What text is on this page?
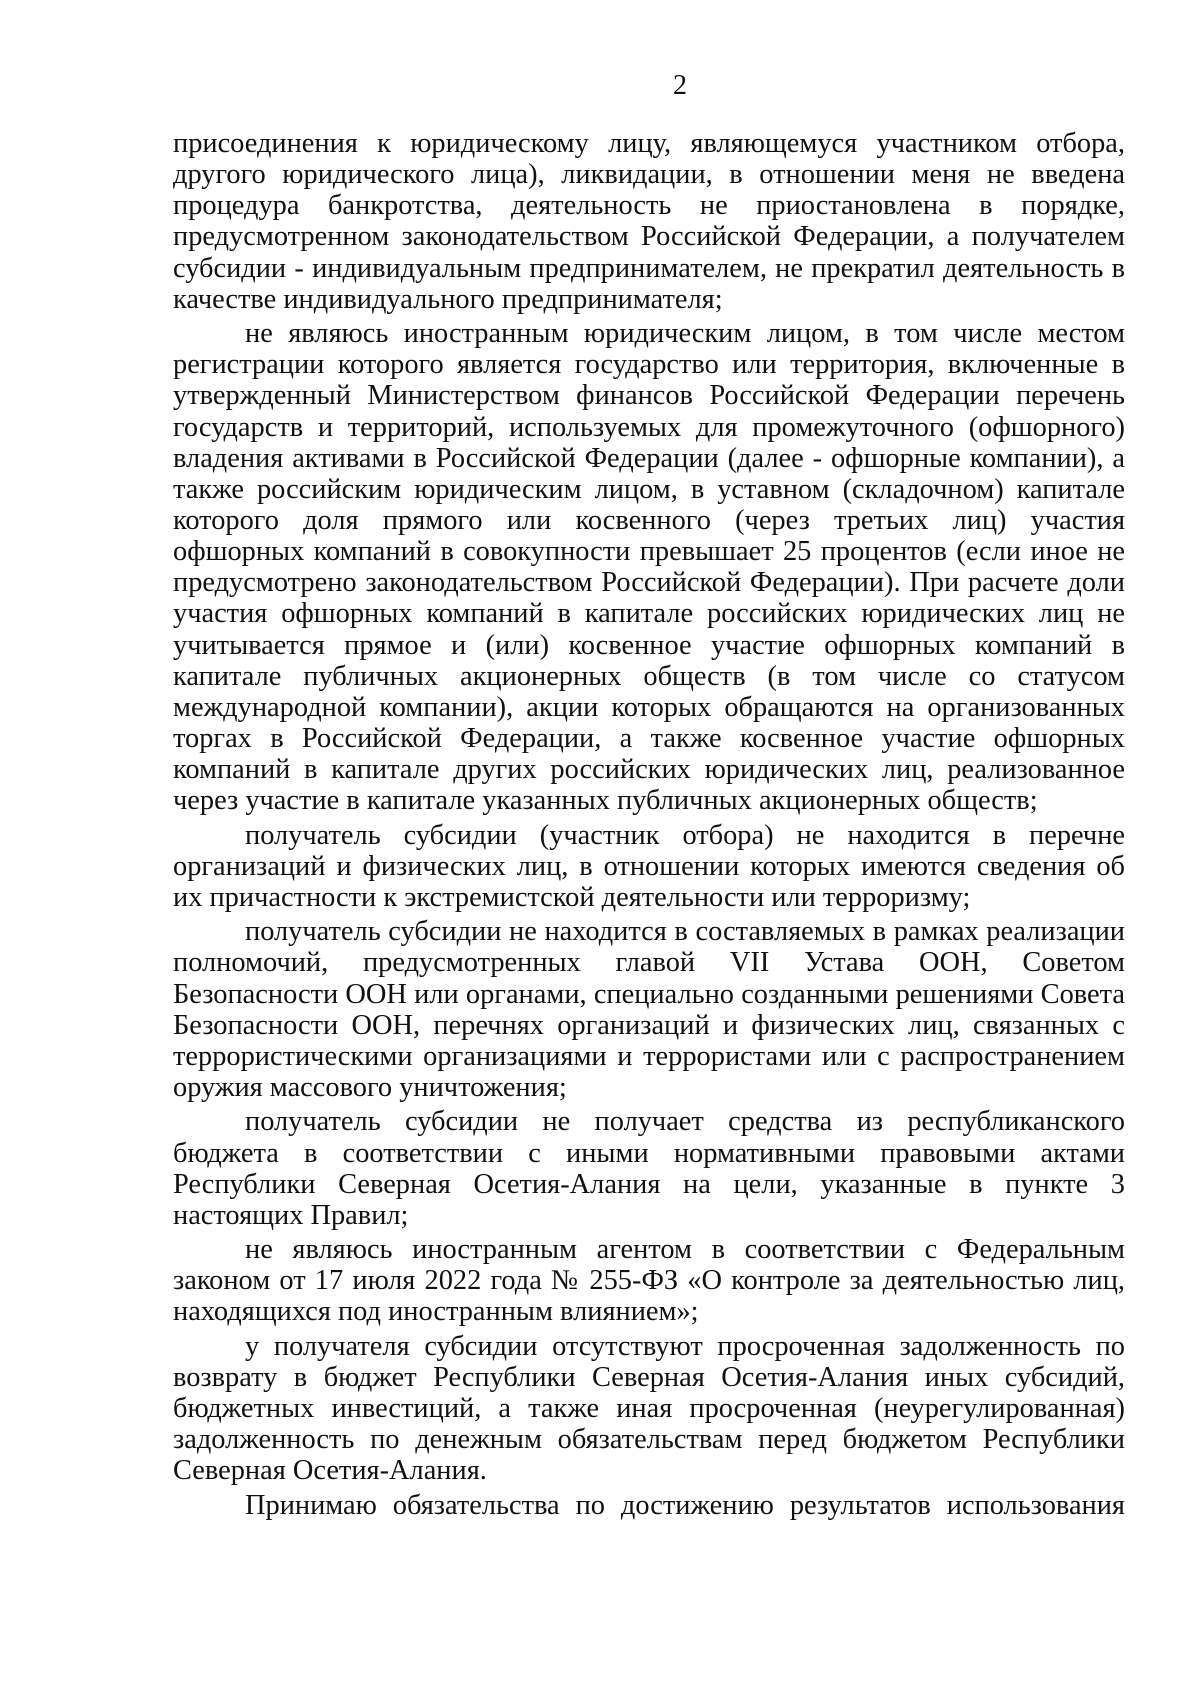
2

присоединения к юридическому лицу, являющемуся участником отбора, другого юридического лица), ликвидации, в отношении меня не введена процедура банкротства, деятельность не приостановлена в порядке, предусмотренном законодательством Российской Федерации, а получателем субсидии - индивидуальным предпринимателем, не прекратил деятельность в качестве индивидуального предпринимателя;

не являюсь иностранным юридическим лицом, в том числе местом регистрации которого является государство или территория, включенные в утвержденный Министерством финансов Российской Федерации перечень государств и территорий, используемых для промежуточного (офшорного) владения активами в Российской Федерации (далее - офшорные компании), а также российским юридическим лицом, в уставном (складочном) капитале которого доля прямого или косвенного (через третьих лиц) участия офшорных компаний в совокупности превышает 25 процентов (если иное не предусмотрено законодательством Российской Федерации). При расчете доли участия офшорных компаний в капитале российских юридических лиц не учитывается прямое и (или) косвенное участие офшорных компаний в капитале публичных акционерных обществ (в том числе со статусом международной компании), акции которых обращаются на организованных торгах в Российской Федерации, а также косвенное участие офшорных компаний в капитале других российских юридических лиц, реализованное через участие в капитале указанных публичных акционерных обществ;

получатель субсидии (участник отбора) не находится в перечне организаций и физических лиц, в отношении которых имеются сведения об их причастности к экстремистской деятельности или терроризму;

получатель субсидии не находится в составляемых в рамках реализации полномочий, предусмотренных главой VII Устава ООН, Советом Безопасности ООН или органами, специально созданными решениями Совета Безопасности ООН, перечнях организаций и физических лиц, связанных с террористическими организациями и террористами или с распространением оружия массового уничтожения;

получатель субсидии не получает средства из республиканского бюджета в соответствии с иными нормативными правовыми актами Республики Северная Осетия-Алания на цели, указанные в пункте 3 настоящих Правил;

не являюсь иностранным агентом в соответствии с Федеральным законом от 17 июля 2022 года № 255-ФЗ «О контроле за деятельностью лиц, находящихся под иностранным влиянием»;

у получателя субсидии отсутствуют просроченная задолженность по возврату в бюджет Республики Северная Осетия-Алания иных субсидий, бюджетных инвестиций, а также иная просроченная (неурегулированная) задолженность по денежным обязательствам перед бюджетом Республики Северная Осетия-Алания.

Принимаю обязательства по достижению результатов использования
